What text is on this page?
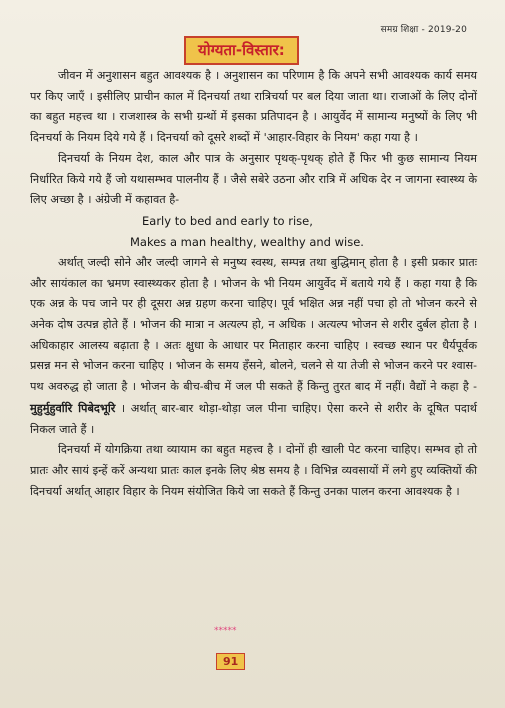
समग्र शिक्षा - 2019-20
योग्यता-विस्तार:

जीवन में अनुशासन बहुत आवश्यक है । अनुशासन का परिणाम है कि अपने सभी आवश्यक कार्य समय पर किए जाएँ । इसीलिए प्राचीन काल में दिनचर्या तथा रात्रिचर्या पर बल दिया जाता था। राजाओं के लिए दोनों का बहुत महत्त्व था । राजशास्त्र के सभी ग्रन्थों में इसका प्रतिपादन है । आयुर्वेद में सामान्य मनुष्यों के लिए भी दिनचर्या के नियम दिये गये हैं । दिनचर्या को दूसरे शब्दों में 'आहार-विहार के नियम' कहा गया है ।

दिनचर्या के नियम देश, काल और पात्र के अनुसार पृथक्-पृथक् होते हैं फिर भी कुछ सामान्य नियम निर्धारित किये गये हैं जो यथासम्भव पालनीय हैं । जैसे सबेरे उठना और रात्रि में अधिक देर न जागना स्वास्थ्य के लिए अच्छा है । अंग्रेजी में कहावत है-

Early to bed and early to rise,

Makes a man healthy, wealthy and wise.

अर्थात् जल्दी सोने और जल्दी जागने से मनुष्य स्वस्थ, सम्पन्न तथा बुद्धिमान् होता है । इसी प्रकार प्रातः और सायंकाल का भ्रमण स्वास्थ्यकर होता है । भोजन के भी नियम आयुर्वेद में बताये गये हैं । कहा गया है कि एक अन्न के पच जाने पर ही दूसरा अन्न ग्रहण करना चाहिए। पूर्व भक्षित अन्न नहीं पचा हो तो भोजन करने से अनेक दोष उत्पन्न होते हैं । भोजन की मात्रा न अत्यल्प हो, न अधिक । अत्यल्प भोजन से शरीर दुर्बल होता है । अधिकाहार आलस्य बढ़ाता है । अतः क्षुधा के आधार पर मिताहार करना चाहिए । स्वच्छ स्थान पर धैर्यपूर्वक प्रसन्न मन से भोजन करना चाहिए । भोजन के समय हँसने, बोलने, चलने से या तेजी से भोजन करने पर श्वास-पथ अवरुद्ध हो जाता है । भोजन के बीच-बीच में जल पी सकते हैं किन्तु तुरत बाद में नहीं। वैद्यों ने कहा है - मुहुर्मुहुर्वारि पिबेदभूरि । अर्थात् बार-बार थोड़ा-थोड़ा जल पीना चाहिए। ऐसा करने से शरीर के दूषित पदार्थ निकल जाते हैं ।

दिनचर्या में योगक्रिया तथा व्यायाम का बहुत महत्त्व है । दोनों ही खाली पेट करना चाहिए। सम्भव हो तो प्रातः और सायं इन्हें करें अन्यथा प्रातः काल इनके लिए श्रेष्ठ समय है । विभिन्न व्यवसायों में लगे हुए व्यक्तियों की दिनचर्या अर्थात् आहार विहार के नियम संयोजित किये जा सकते हैं किन्तु उनका पालन करना आवश्यक है ।

*****
91
